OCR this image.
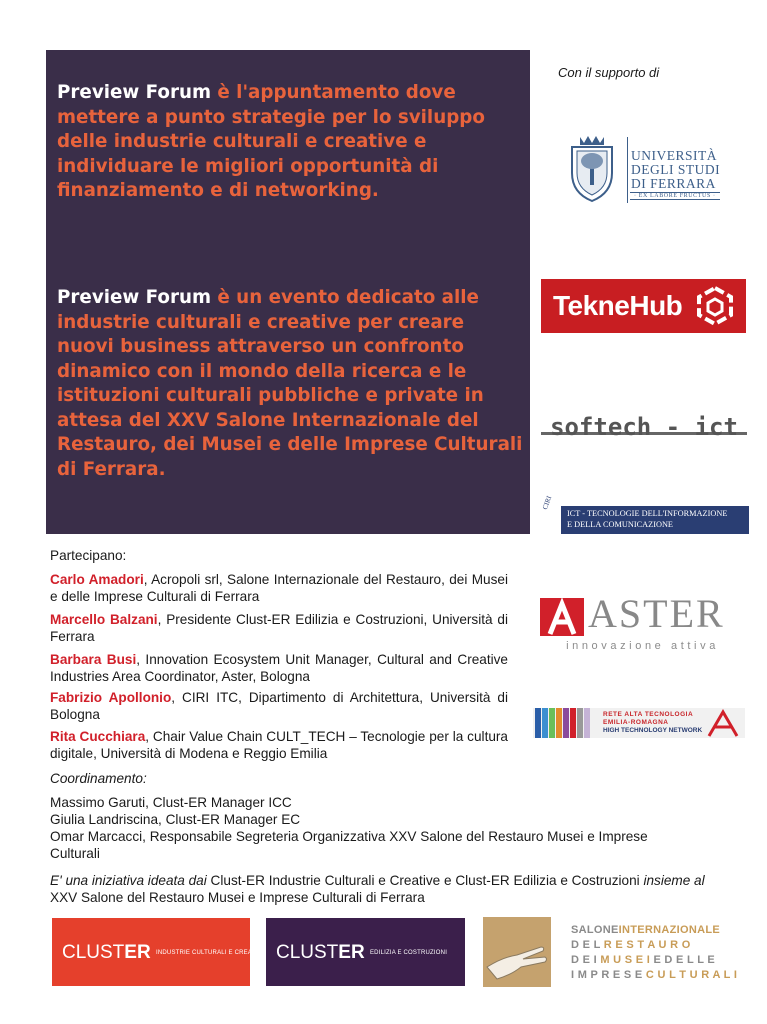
Preview Forum è l'appuntamento dove mettere a punto strategie per lo sviluppo delle industrie culturali e creative e individuare le migliori opportunità di finanziamento e di networking.
Preview Forum è un evento dedicato alle industrie culturali e creative per creare nuovi business attraverso un confronto dinamico con il mondo della ricerca e le istituzioni culturali pubbliche e private in attesa del XXV Salone Internazionale del Restauro, dei Musei e delle Imprese Culturali di Ferrara.
Con il supporto di
UNIVERSITÀ
DEGLI STUDI
DI FERRARA
· EX LABORE FRUCTUS ·
TekneHub
softech - ict
CIRI
ICT - TECNOLOGIE DELL'INFORMAZIONE
E DELLA COMUNICAZIONE
ASTER
innovazione attiva
RETE ALTA TECNOLOGIA
EMILIA-ROMAGNA
HIGH TECHNOLOGY NETWORK
Partecipano:
Carlo Amadori, Acropoli srl, Salone Internazionale del Restauro, dei Musei e delle Imprese Culturali di Ferrara
Marcello Balzani, Presidente Clust-ER Edilizia e Costruzioni, Università di Ferrara
Barbara Busi, Innovation Ecosystem Unit Manager, Cultural and Creative Industries Area Coordinator, Aster, Bologna
Fabrizio Apollonio, CIRI ITC, Dipartimento di Architettura, Università di Bologna
Rita Cucchiara, Chair Value Chain CULT_TECH – Tecnologie per la cultura digitale, Università di Modena e Reggio Emilia
Coordinamento:
Massimo Garuti, Clust-ER Manager ICC
Giulia Landriscina, Clust-ER Manager EC
Omar Marcacci, Responsabile Segreteria Organizzativa XXV Salone del Restauro Musei e Imprese Culturali
E' una iniziativa ideata dai Clust-ER Industrie Culturali e Creative e Clust-ER Edilizia e Costruzioni insieme al XXV Salone del Restauro Musei e Imprese Culturali di Ferrara
CLUSTER INDUSTRIE CULTURALI E CREATIVE CLUSTER EDILIZIA E COSTRUZIONI
SALONEINTERNAZIONALE
D E L R E S T A U R O
D E I M U S E I E D E L L E
I M P R E S E C U L T U R A L I
